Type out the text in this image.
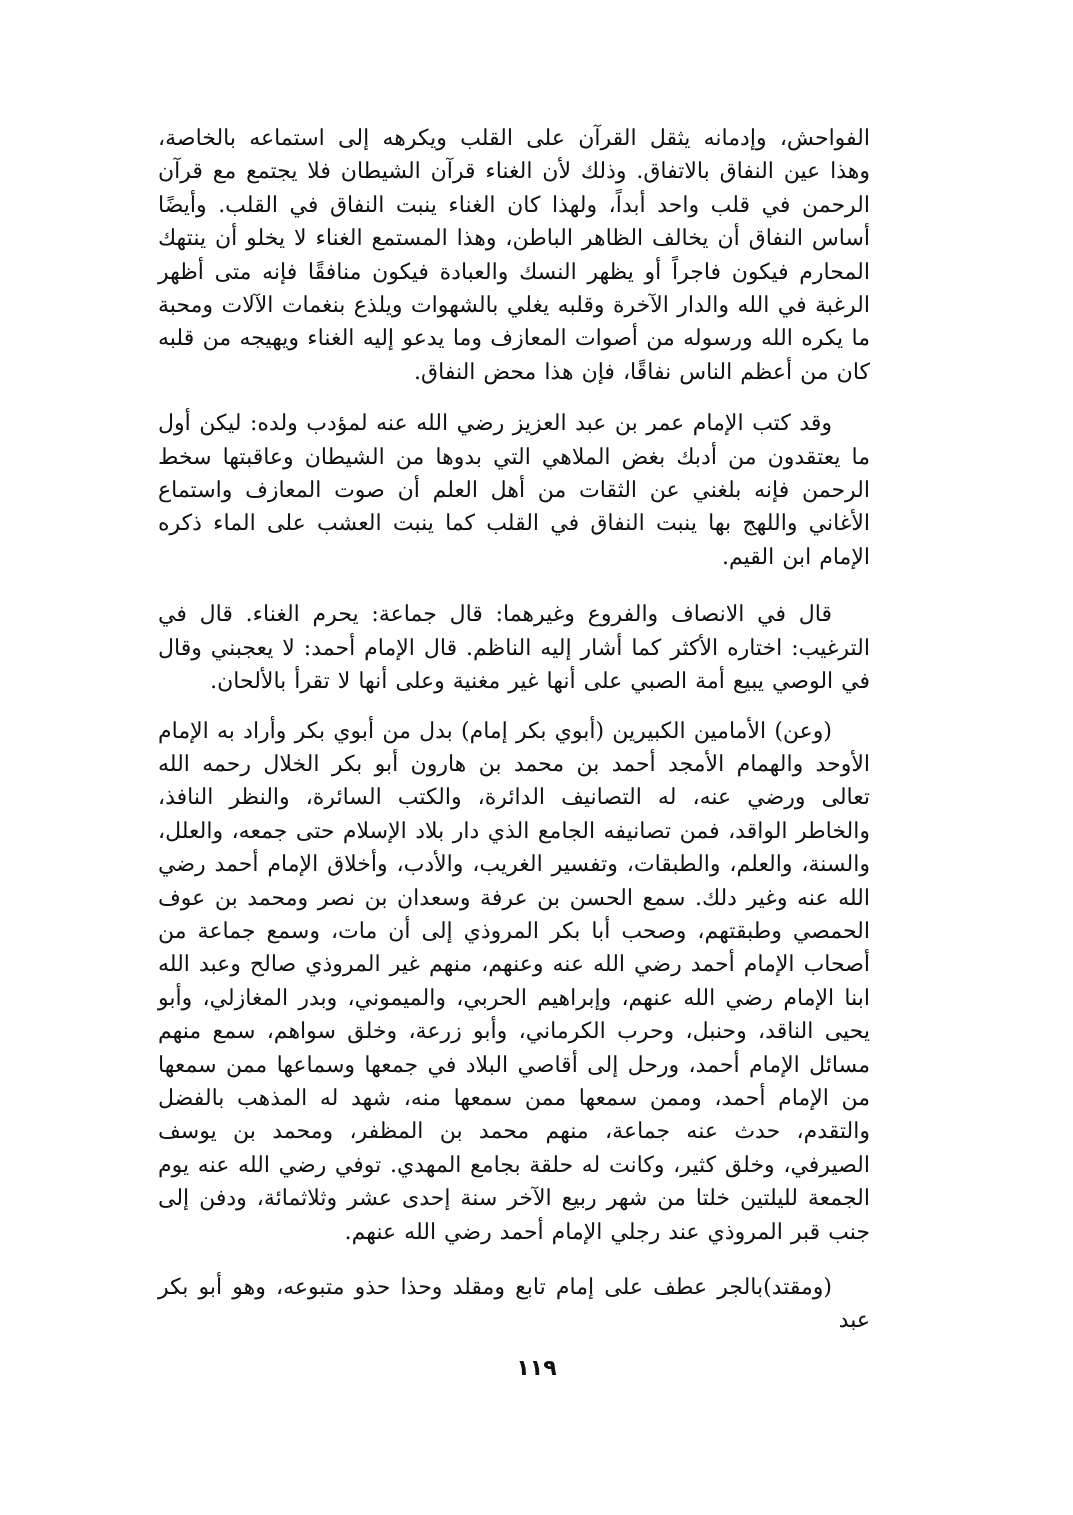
الفواحش، وإدمانه يثقل القرآن على القلب ويكرهه إلى استماعه بالخاصة، وهذا عين النفاق بالاتفاق. وذلك لأن الغناء قرآن الشيطان فلا يجتمع مع قرآن الرحمن في قلب واحد أبداً، ولهذا كان الغناء ينبت النفاق في القلب. وأيضًا أساس النفاق أن يخالف الظاهر الباطن، وهذا المستمع الغناء لا يخلو أن ينتهك المحارم فيكون فاجراً أو يظهر النسك والعبادة فيكون منافقًا فإنه متى أظهر الرغبة في الله والدار الآخرة وقلبه يغلي بالشهوات ويلذع بنغمات الآلات ومحبة ما يكره الله ورسوله من أصوات المعازف وما يدعو إليه الغناء ويهيجه من قلبه كان من أعظم الناس نفاقًا، فإن هذا محض النفاق.

وقد كتب الإمام عمر بن عبد العزيز رضي الله عنه لمؤدب ولده: ليكن أول ما يعتقدون من أدبك بغض الملاهي التي بدوها من الشيطان وعاقبتها سخط الرحمن فإنه بلغني عن الثقات من أهل العلم أن صوت المعازف واستماع الأغاني واللهج بها ينبت النفاق في القلب كما ينبت العشب على الماء ذكره الإمام ابن القيم.

قال في الانصاف والفروع وغيرهما: قال جماعة: يحرم الغناء. قال في الترغيب: اختاره الأكثر كما أشار إليه الناظم. قال الإمام أحمد: لا يعجبني وقال في الوصي يبيع أمة الصبي على أنها غير مغنية وعلى أنها لا تقرأ بالألحان.

(وعن) الأمامين الكبيرين (أبوي بكر إمام) بدل من أبوي بكر وأراد به الإمام الأوحد والهمام الأمجد أحمد بن محمد بن هارون أبو بكر الخلال رحمه الله تعالى ورضي عنه، له التصانيف الدائرة، والكتب السائرة، والنظر النافذ، والخاطر الواقد، فمن تصانيفه الجامع الذي دار بلاد الإسلام حتى جمعه، والعلل، والسنة، والعلم، والطبقات، وتفسير الغريب، والأدب، وأخلاق الإمام أحمد رضي الله عنه وغير دلك. سمع الحسن بن عرفة وسعدان بن نصر ومحمد بن عوف الحمصي وطبقتهم، وصحب أبا بكر المروذي إلى أن مات، وسمع جماعة من أصحاب الإمام أحمد رضي الله عنه وعنهم، منهم غير المروذي صالح وعبد الله ابنا الإمام رضي الله عنهم، وإبراهيم الحربي، والميموني، وبدر المغازلي، وأبو يحيى الناقد، وحنبل، وحرب الكرماني، وأبو زرعة، وخلق سواهم، سمع منهم مسائل الإمام أحمد، ورحل إلى أقاصي البلاد في جمعها وسماعها ممن سمعها من الإمام أحمد، وممن سمعها ممن سمعها منه، شهد له المذهب بالفضل والتقدم، حدث عنه جماعة، منهم محمد بن المظفر، ومحمد بن يوسف الصيرفي، وخلق كثير، وكانت له حلقة بجامع المهدي. توفي رضي الله عنه يوم الجمعة لليلتين خلتا من شهر ربيع الآخر سنة إحدى عشر وثلاثمائة، ودفن إلى جنب قبر المروذي عند رجلي الإمام أحمد رضي الله عنهم.

(ومقتد)بالجر عطف على إمام تابع ومقلد وحذا حذو متبوعه، وهو أبو بكر عبد

١١٩
